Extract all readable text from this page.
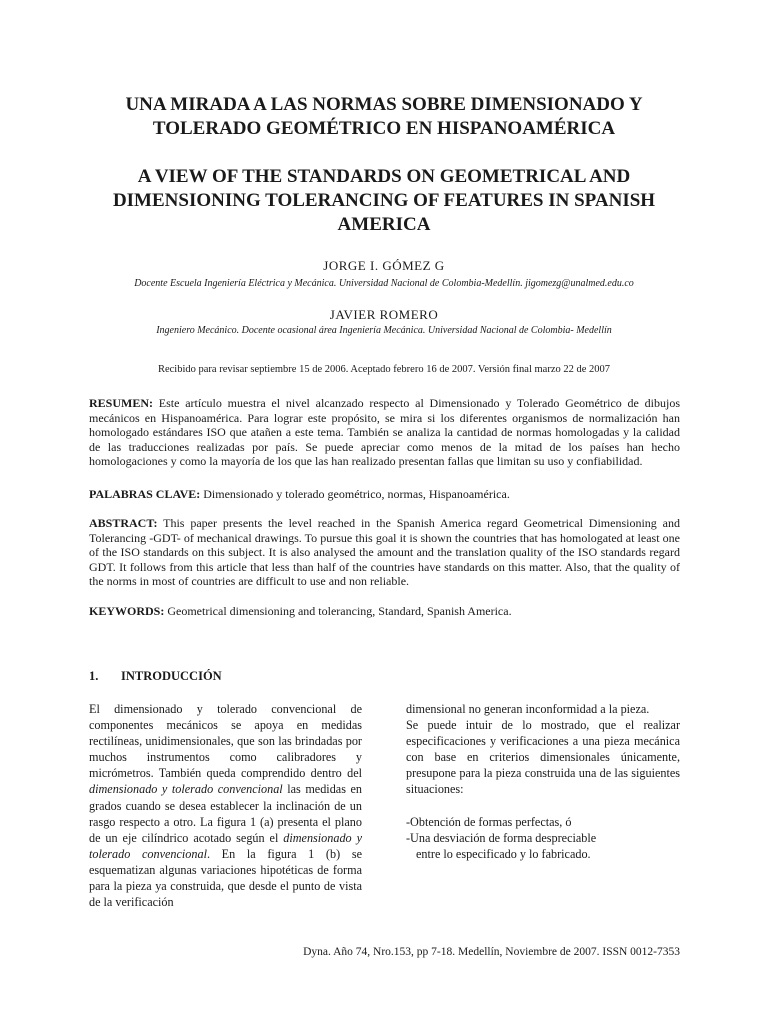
UNA MIRADA A LAS NORMAS SOBRE DIMENSIONADO Y
TOLERADO GEOMÉTRICO EN HISPANOAMÉRICA
A VIEW OF THE STANDARDS ON GEOMETRICAL AND
DIMENSIONING TOLERANCING OF FEATURES IN SPANISH
AMERICA
JORGE I. GÓMEZ G
Docente Escuela Ingeniería Eléctrica y Mecánica. Universidad Nacional de Colombia-Medellín. jigomezg@unalmed.edu.co
JAVIER ROMERO
Ingeniero Mecánico. Docente ocasional área Ingeniería Mecánica. Universidad Nacional de Colombia- Medellín
Recibido para revisar septiembre 15 de 2006. Aceptado febrero 16 de 2007. Versión final marzo 22 de 2007

RESUMEN: Este artículo muestra el nivel alcanzado respecto al Dimensionado y Tolerado Geométrico de dibujos mecánicos en Hispanoamérica. Para lograr este propósito, se mira si los diferentes organismos de normalización han homologado estándares ISO que atañen a este tema. También se analiza la cantidad de normas homologadas y la calidad de las traducciones realizadas por país. Se puede apreciar como menos de la mitad de los países han hecho homologaciones y como la mayoría de los que las han realizado presentan fallas que limitan su uso y confiabilidad.

PALABRAS CLAVE: Dimensionado y tolerado geométrico, normas, Hispanoamérica.

ABSTRACT: This paper presents the level reached in the Spanish America regard Geometrical Dimensioning and Tolerancing -GDT- of mechanical drawings. To pursue this goal it is shown the countries that has homologated at least one of the ISO standards on this subject. It is also analysed the amount and the translation quality of the ISO standards regard GDT. It follows from this article that less than half of the countries have standards on this matter. Also, that the quality of the norms in most of countries are difficult to use and non reliable.

KEYWORDS: Geometrical dimensioning and tolerancing, Standard, Spanish America.

1. INTRODUCCIÓN

El dimensionado y tolerado convencional de componentes mecánicos se apoya en medidas rectilíneas, unidimensionales, que son las brindadas por muchos instrumentos como calibradores y micrómetros. También queda comprendido dentro del dimensionado y tolerado convencional las medidas en grados cuando se desea establecer la inclinación de un rasgo respecto a otro. La figura 1 (a) presenta el plano de un eje cilíndrico acotado según el dimensionado y tolerado convencional. En la figura 1 (b) se esquematizan algunas variaciones hipotéticas de forma para la pieza ya construida, que desde el punto de vista de la verificación

dimensional no generan inconformidad a la pieza.

Se puede intuir de lo mostrado, que el realizar especificaciones y verificaciones a una pieza mecánica con base en criterios dimensionales únicamente, presupone para la pieza construida una de las siguientes situaciones:

-Obtención de formas perfectas, ó

-Una desviación de forma despreciable

entre lo especificado y lo fabricado.

Dyna. Año 74, Nro.153, pp 7-18. Medellín, Noviembre de 2007. ISSN 0012-7353
